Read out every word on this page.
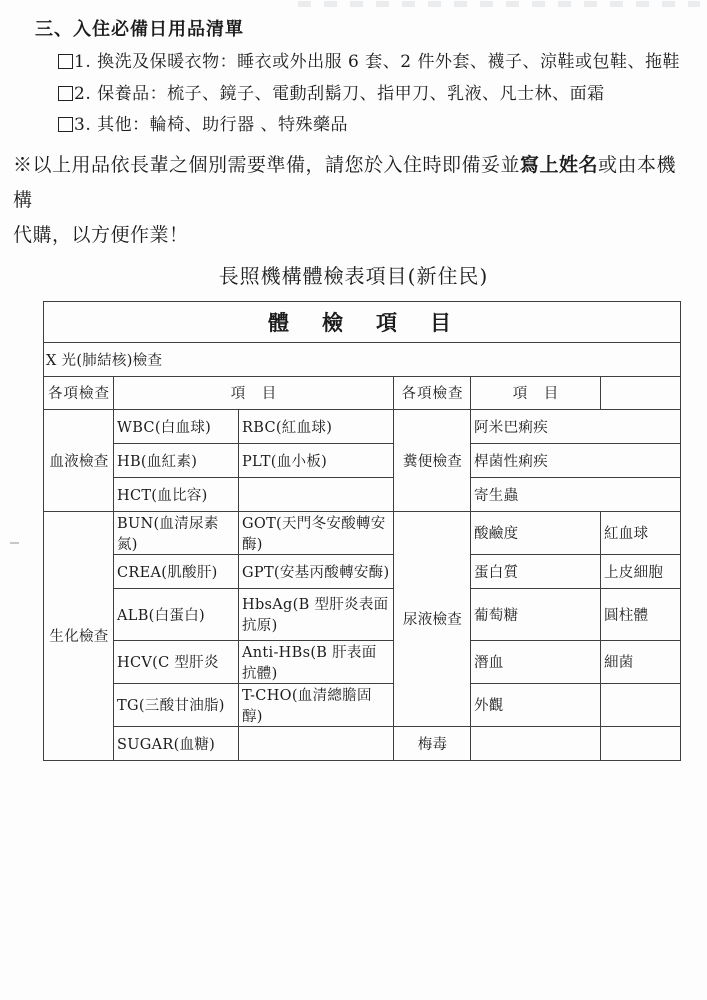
三、入住必備日用品清單
1. 換洗及保暖衣物：睡衣或外出服 6 套、2 件外套、襪子、涼鞋或包鞋、拖鞋
2. 保養品：梳子、鏡子、電動刮鬍刀、指甲刀、乳液、凡士林、面霜
3. 其他：輪椅、助行器 、特殊藥品
※以上用品依長輩之個別需要準備，請您於入住時即備妥並寫上姓名或由本機構
代購，以方便作業！
長照機構體檢表項目(新住民)
體　檢　項　目					
X 光(肺結核)檢查					
各項檢查	項　目		各項檢查	項　目	
血液檢查	WBC(白血球)	RBC(紅血球)	糞便檢查	阿米巴痢疾	
	HB(血紅素)	PLT(血小板)		桿菌性痢疾	
	HCT(血比容)			寄生蟲	
生化檢查	BUN(血清尿素氮)	GOT(天門冬安酸轉安酶)	尿液檢查	酸鹼度	紅血球
	CREA(肌酸肝)	GPT(安基丙酸轉安酶)		蛋白質	上皮細胞
	ALB(白蛋白)	HbsAg(B 型肝炎表面抗原)		葡萄糖	圓柱體
	HCV(C 型肝炎	Anti-HBs(B 肝表面抗體)		潛血	細菌
	TG(三酸甘油脂)	T-CHO(血清總膽固醇)		外觀	
	SUGAR(血糖)		梅毒		
